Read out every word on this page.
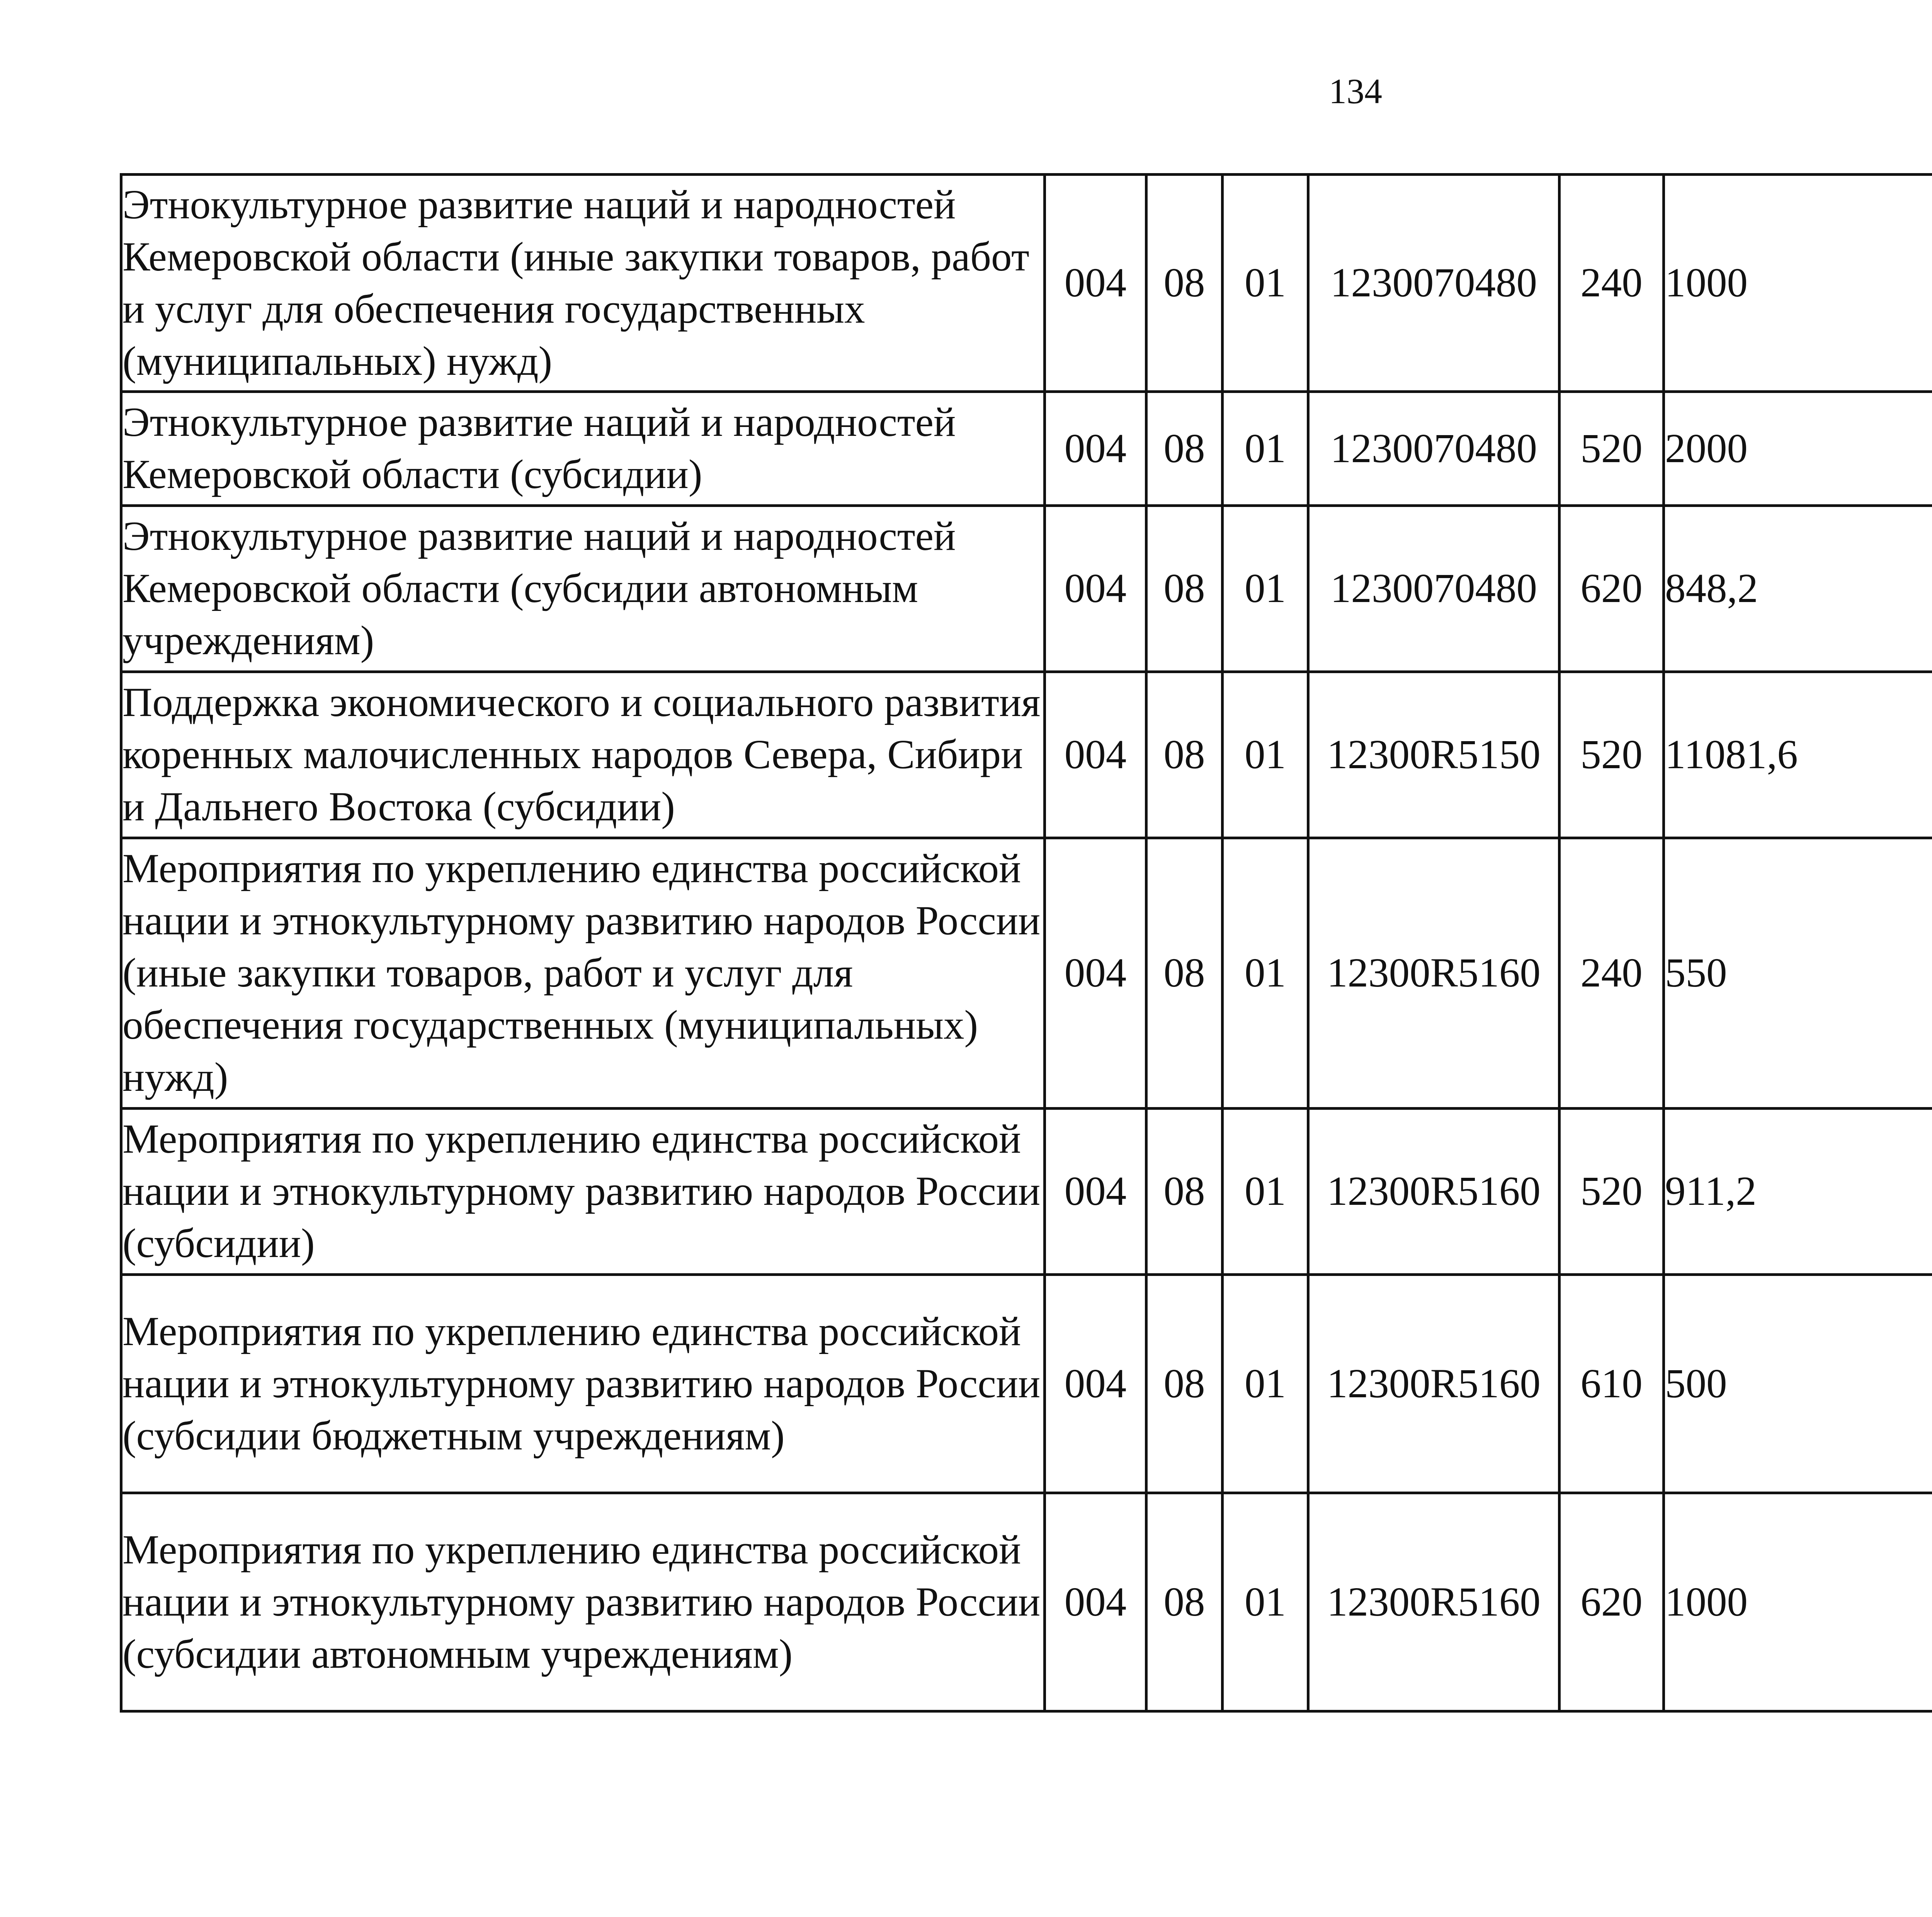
134
Этнокультурное развитие наций и народностей Кемеровской области (иные закупки товаров, работ и услуг для обеспечения государственных (муниципальных) нужд)	004	08	01	1230070480	240	1000		
Этнокультурное развитие наций и народностей Кемеровской области (субсидии)	004	08	01	1230070480	520	2000		
Этнокультурное развитие наций и народностей Кемеровской области (субсидии автономным учреждениям)	004	08	01	1230070480	620	848,2		
Поддержка экономического и социального развития коренных малочисленных народов Севера, Сибири и Дальнего Востока (субсидии)	004	08	01	12300R5150	520	11081,6		
Мероприятия по укреплению единства российской нации и этнокультурному развитию народов России (иные закупки товаров, работ и услуг для обеспечения государственных (муниципальных) нужд)	004	08	01	12300R5160	240	550		
Мероприятия по укреплению единства российской нации и этнокультурному развитию народов России (субсидии)	004	08	01	12300R5160	520	911,2		
Мероприятия по укреплению единства российской нации и этнокультурному развитию народов России (субсидии бюджетным учреждениям)	004	08	01	12300R5160	610	500		
Мероприятия по укреплению единства российской нации и этнокультурному развитию народов России (субсидии автономным учреждениям)	004	08	01	12300R5160	620	1000		
